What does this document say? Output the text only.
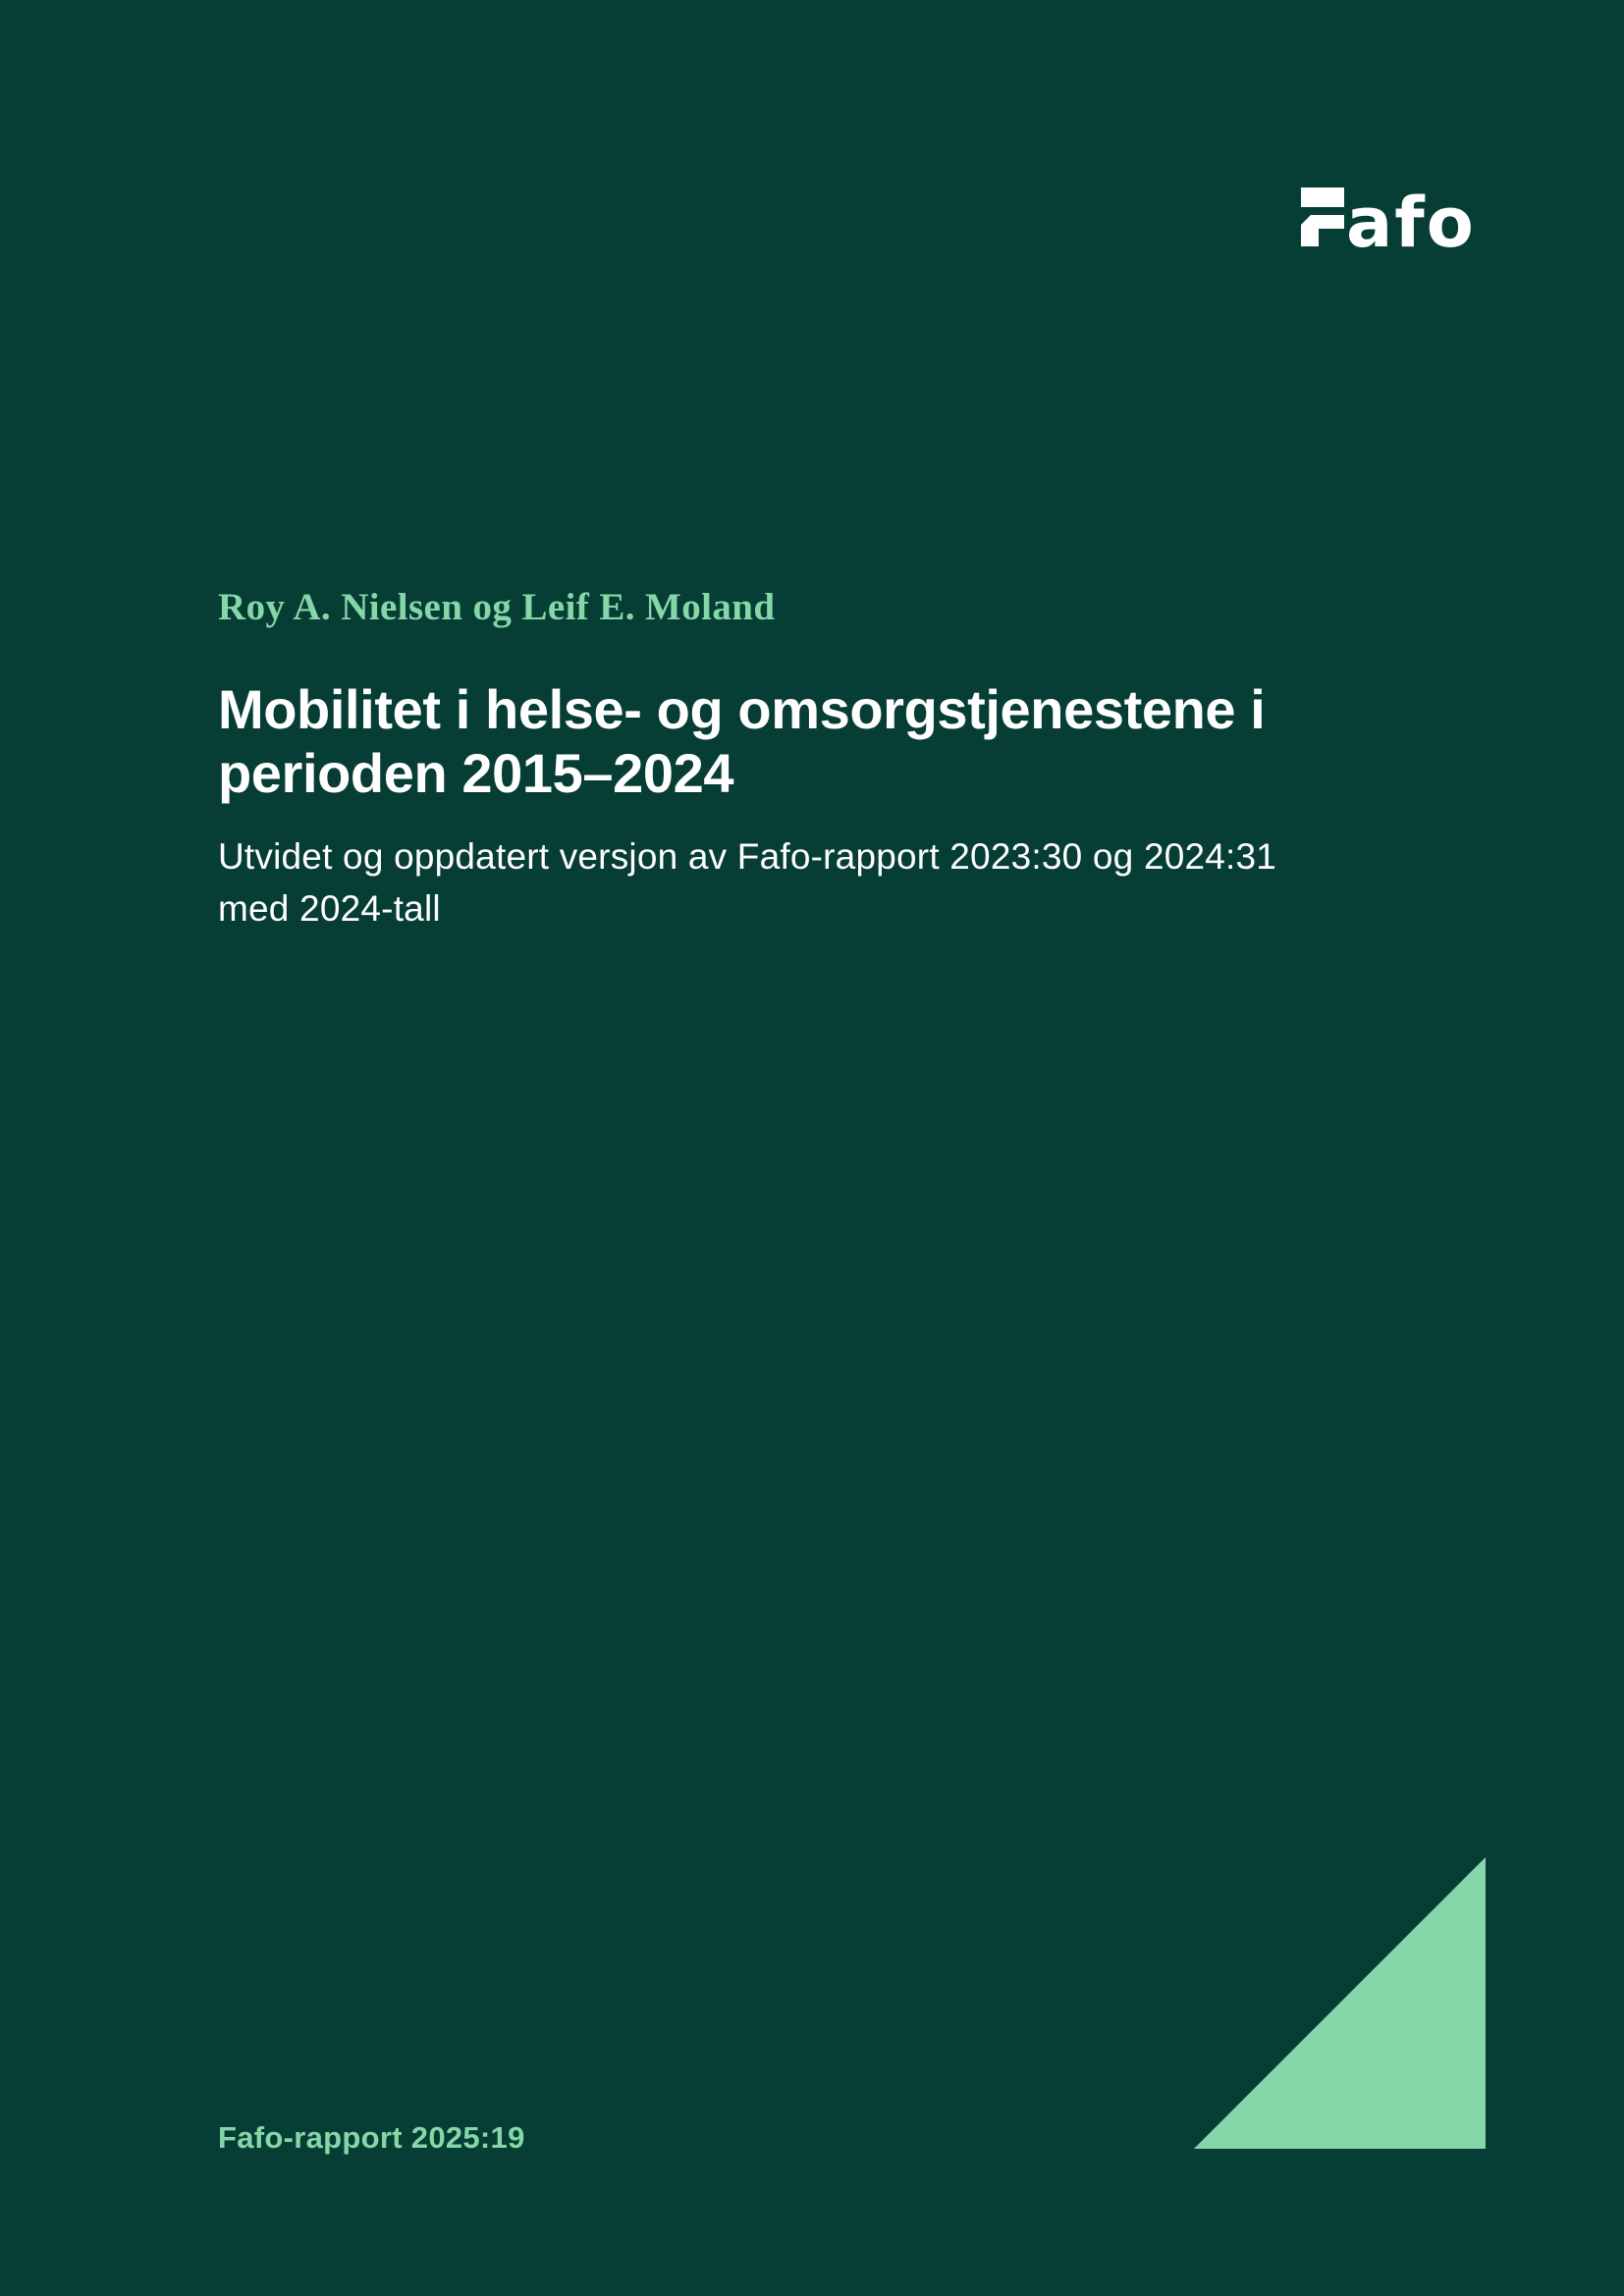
afo
Roy A. Nielsen og Leif E. Moland
Mobilitet i helse- og omsorgstjenestene i
perioden 2015–2024
Utvidet og oppdatert versjon av Fafo-rapport 2023:30 og 2024:31
med 2024-tall
Fafo-rapport 2025:19
